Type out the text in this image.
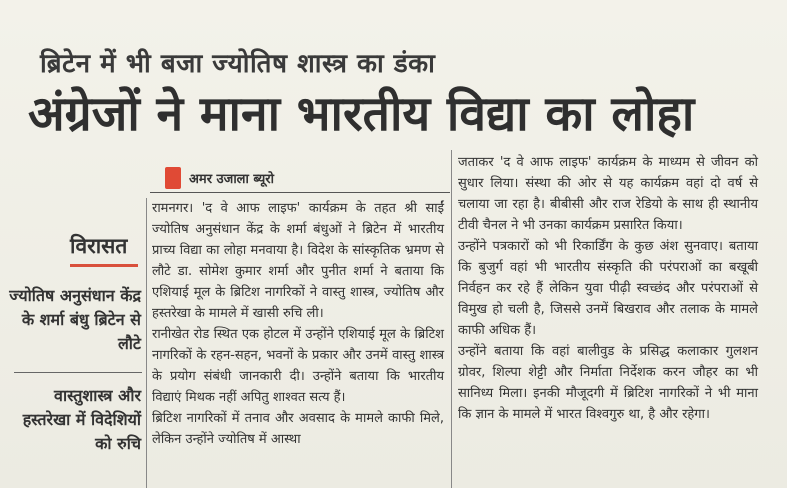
ब्रिटेन में भी बजा ज्योतिष शास्त्र का डंका
अंग्रेजों ने माना भारतीय विद्या का लोहा
अमर उजाला ब्यूरो
विरासत
ज्योतिष अनुसंधान केंद्र के शर्मा बंधु ब्रिटेन से लौटे
वास्तुशास्त्र और हस्तरेखा में विदेशियों को रुचि

रामनगर। 'द वे आफ लाइफ' कार्यक्रम के तहत श्री साईं ज्योतिष अनुसंधान केंद्र के शर्मा बंधुओं ने ब्रिटेन में भारतीय प्राच्य विद्या का लोहा मनवाया है। विदेश के सांस्कृतिक भ्रमण से लौटे डा. सोमेश कुमार शर्मा और पुनीत शर्मा ने बताया कि एशियाई मूल के ब्रिटिश नागरिकों ने वास्तु शास्त्र, ज्योतिष और हस्तरेखा के मामले में खासी रुचि ली।

रानीखेत रोड स्थित एक होटल में उन्होंने एशियाई मूल के ब्रिटिश नागरिकों के रहन-सहन, भवनों के प्रकार और उनमें वास्तु शास्त्र के प्रयोग संबंधी जानकारी दी। उन्होंने बताया कि भारतीय विद्याएं मिथक नहीं अपितु शाश्वत सत्य हैं।

ब्रिटिश नागरिकों में तनाव और अवसाद के मामले काफी मिले, लेकिन उन्होंने ज्योतिष में आस्था

जताकर 'द वे आफ लाइफ' कार्यक्रम के माध्यम से जीवन को सुधार लिया। संस्था की ओर से यह कार्यक्रम वहां दो वर्ष से चलाया जा रहा है। बीबीसी और राज रेडियो के साथ ही स्थानीय टीवी चैनल ने भी उनका कार्यक्रम प्रसारित किया।

उन्होंने पत्रकारों को भी रिकार्डिंग के कुछ अंश सुनवाए। बताया कि बुजुर्ग वहां भी भारतीय संस्कृति की परंपराओं का बखूबी निर्वहन कर रहे हैं लेकिन युवा पीढ़ी स्वच्छंद और परंपराओं से विमुख हो चली है, जिससे उनमें बिखराव और तलाक के मामले काफी अधिक हैं।

उन्होंने बताया कि वहां बालीवुड के प्रसिद्ध कलाकार गुलशन ग्रोवर, शिल्पा शेट्टी और निर्माता निर्देशक करन जौहर का भी सानिध्य मिला। इनकी मौजूदगी में ब्रिटिश नागरिकों ने भी माना कि ज्ञान के मामले में भारत विश्वगुरु था, है और रहेगा।
